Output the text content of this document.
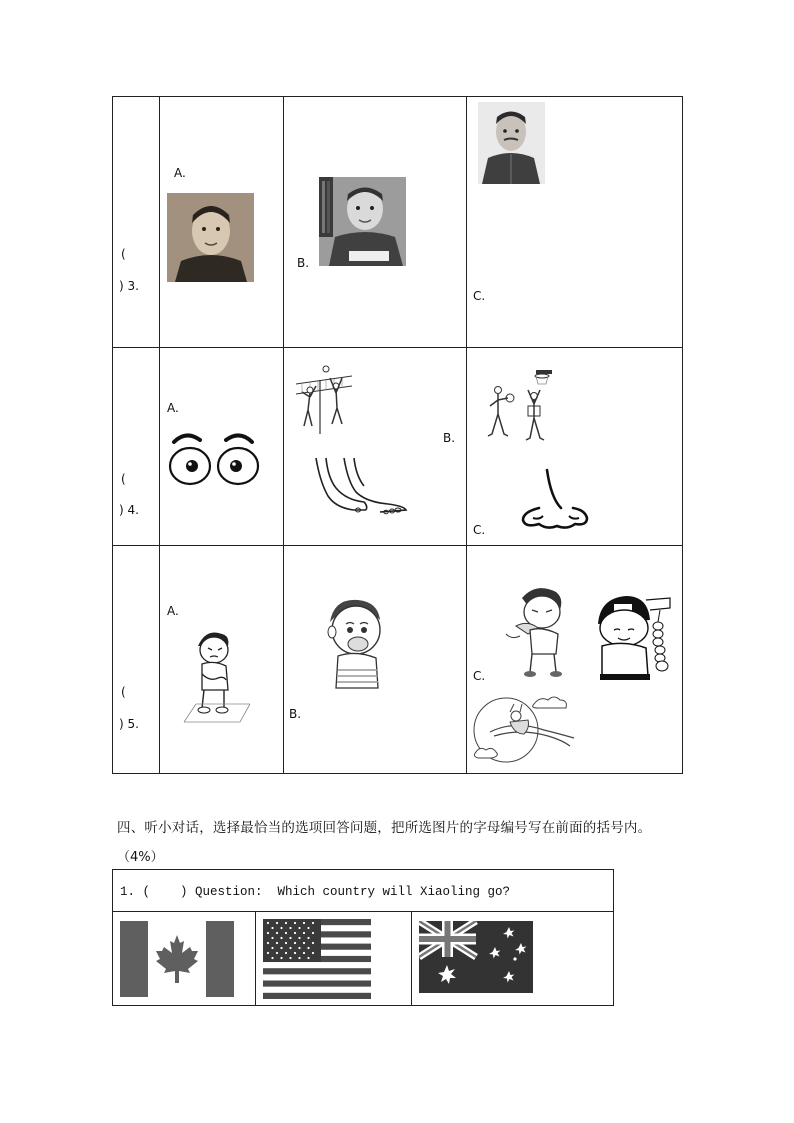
(
) 3.
A.
B.
C.
(
) 4.
A.
B.
C.
(
) 5.
A.
B.
C.
四、听小对话，选择最恰当的选项回答问题，把所选图片的字母编号写在前面的括号内。
（4%）
1. (    ) Question:  Which country will Xiaoling go?
